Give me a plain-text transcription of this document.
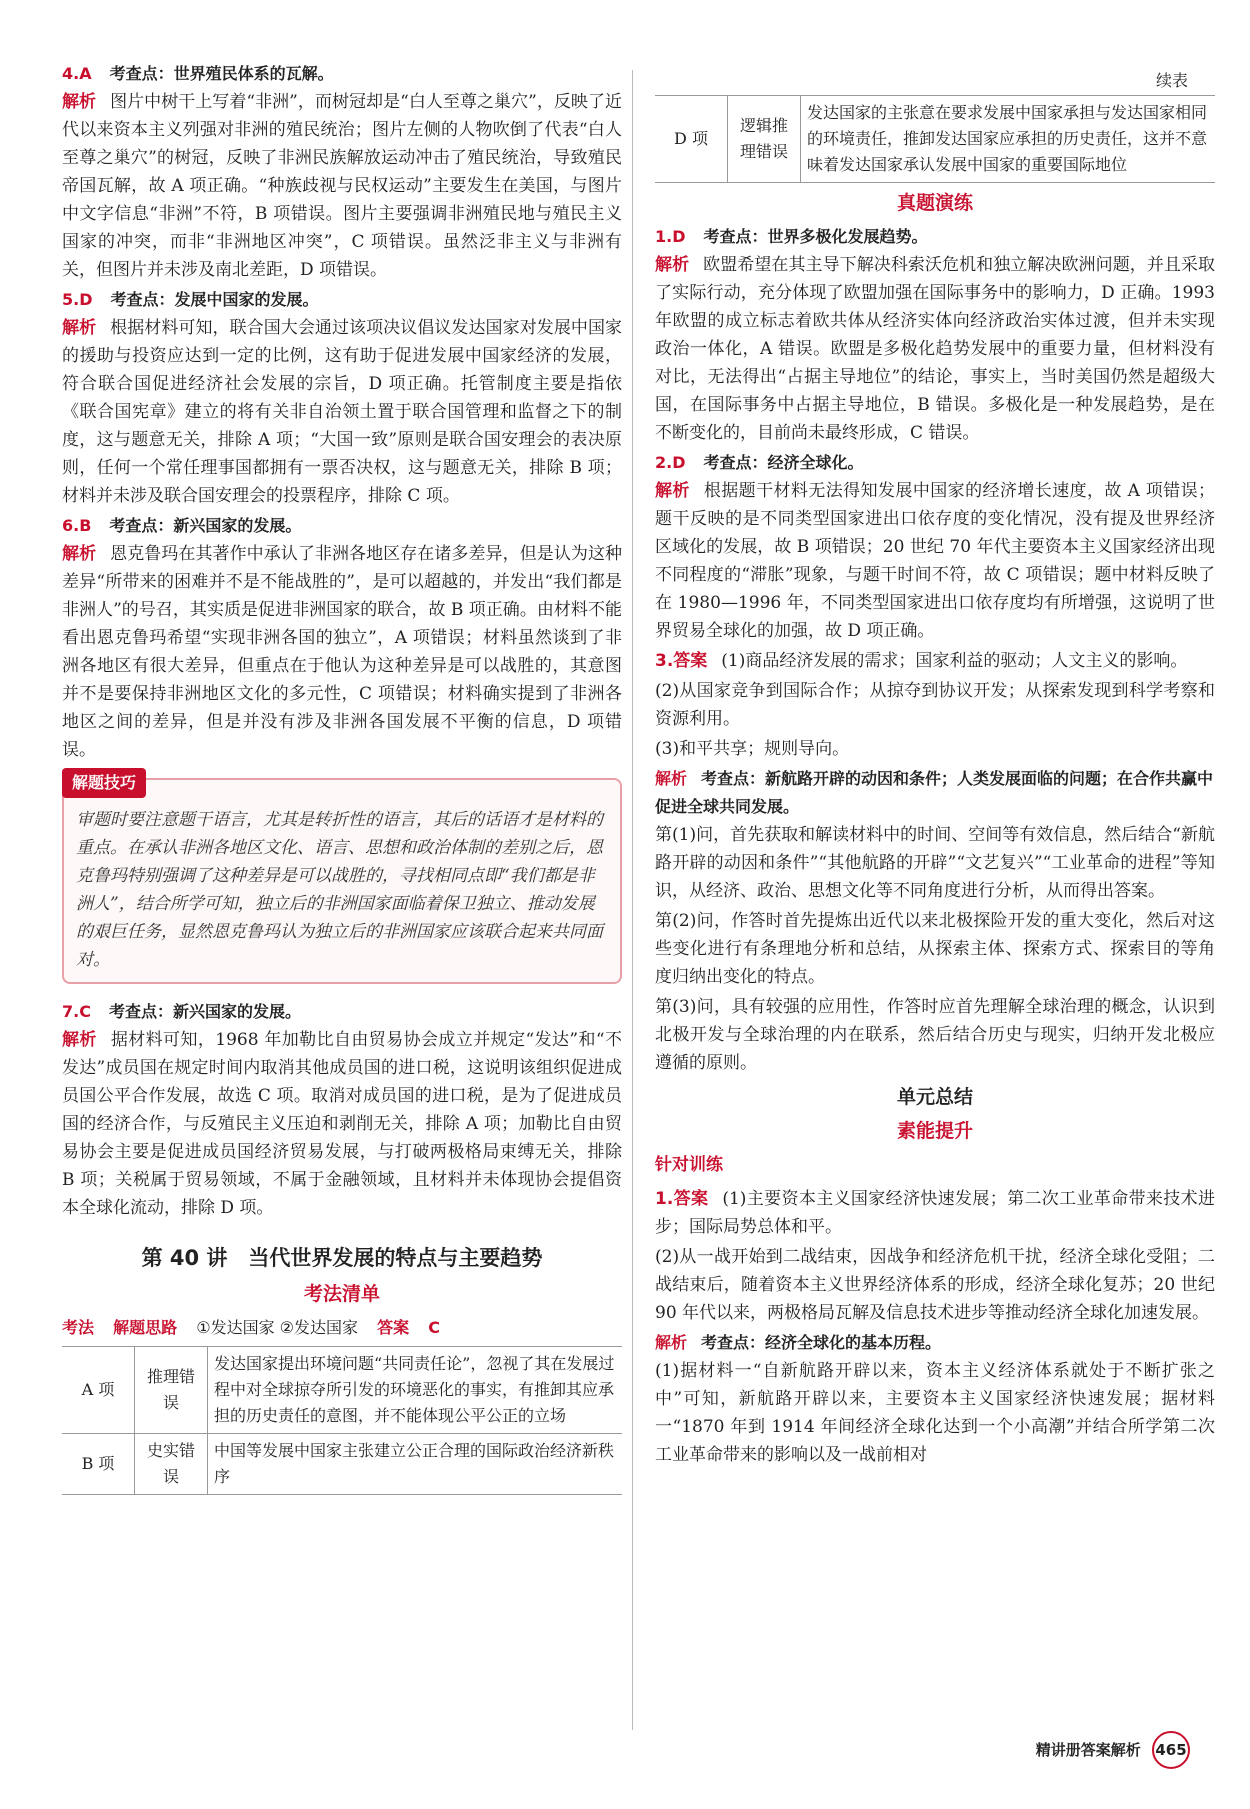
4.A 考查点：世界殖民体系的瓦解。

解析 图片中树干上写着“非洲”，而树冠却是“白人至尊之巢穴”，反映了近代以来资本主义列强对非洲的殖民统治；图片左侧的人物吹倒了代表“白人至尊之巢穴”的树冠，反映了非洲民族解放运动冲击了殖民统治，导致殖民帝国瓦解，故 A 项正确。“种族歧视与民权运动”主要发生在美国，与图片中文字信息“非洲”不符，B 项错误。图片主要强调非洲殖民地与殖民主义国家的冲突，而非“非洲地区冲突”，C 项错误。虽然泛非主义与非洲有关，但图片并未涉及南北差距，D 项错误。

5.D 考查点：发展中国家的发展。

解析 根据材料可知，联合国大会通过该项决议倡议发达国家对发展中国家的援助与投资应达到一定的比例，这有助于促进发展中国家经济的发展，符合联合国促进经济社会发展的宗旨，D 项正确。托管制度主要是指依《联合国宪章》建立的将有关非自治领土置于联合国管理和监督之下的制度，这与题意无关，排除 A 项；“大国一致”原则是联合国安理会的表决原则，任何一个常任理事国都拥有一票否决权，这与题意无关，排除 B 项；材料并未涉及联合国安理会的投票程序，排除 C 项。

6.B 考查点：新兴国家的发展。

解析 恩克鲁玛在其著作中承认了非洲各地区存在诸多差异，但是认为这种差异“所带来的困难并不是不能战胜的”，是可以超越的，并发出“我们都是非洲人”的号召，其实质是促进非洲国家的联合，故 B 项正确。由材料不能看出恩克鲁玛希望“实现非洲各国的独立”，A 项错误；材料虽然谈到了非洲各地区有很大差异，但重点在于他认为这种差异是可以战胜的，其意图并不是要保持非洲地区文化的多元性，C 项错误；材料确实提到了非洲各地区之间的差异，但是并没有涉及非洲各国发展不平衡的信息，D 项错误。

解题技巧
审题时要注意题干语言，尤其是转折性的语言，其后的话语才是材料的重点。在承认非洲各地区文化、语言、思想和政治体制的差别之后，恩克鲁玛特别强调了这种差异是可以战胜的，寻找相同点即“我们都是非洲人”，结合所学可知，独立后的非洲国家面临着保卫独立、推动发展的艰巨任务，显然恩克鲁玛认为独立后的非洲国家应该联合起来共同面对。
7.C 考查点：新兴国家的发展。

解析 据材料可知，1968 年加勒比自由贸易协会成立并规定“发达”和“不发达”成员国在规定时间内取消其他成员国的进口税，这说明该组织促进成员国公平合作发展，故选 C 项。取消对成员国的进口税，是为了促进成员国的经济合作，与反殖民主义压迫和剥削无关，排除 A 项；加勒比自由贸易协会主要是促进成员国经济贸易发展，与打破两极格局束缚无关，排除 B 项；关税属于贸易领域，不属于金融领域，且材料并未体现协会提倡资本全球化流动，排除 D 项。

第 40 讲　当代世界发展的特点与主要趋势
考法清单
考法 解题思路 ①发达国家 ②发达国家 答案 C
A 项	推理错误	发达国家提出环境问题“共同责任论”，忽视了其在发展过程中对全球掠夺所引发的环境恶化的事实，有推卸其应承担的历史责任的意图，并不能体现公平公正的立场
B 项	史实错误	中国等发展中国家主张建立公正合理的国际政治经济新秩序
续表
D 项	逻辑推理错误	发达国家的主张意在要求发展中国家承担与发达国家相同的环境责任，推卸发达国家应承担的历史责任，这并不意味着发达国家承认发展中国家的重要国际地位
真题演练
1.D 考查点：世界多极化发展趋势。

解析 欧盟希望在其主导下解决科索沃危机和独立解决欧洲问题，并且采取了实际行动，充分体现了欧盟加强在国际事务中的影响力，D 正确。1993 年欧盟的成立标志着欧共体从经济实体向经济政治实体过渡，但并未实现政治一体化，A 错误。欧盟是多极化趋势发展中的重要力量，但材料没有对比，无法得出“占据主导地位”的结论，事实上，当时美国仍然是超级大国，在国际事务中占据主导地位，B 错误。多极化是一种发展趋势，是在不断变化的，目前尚未最终形成，C 错误。

2.D 考查点：经济全球化。

解析 根据题干材料无法得知发展中国家的经济增长速度，故 A 项错误；题干反映的是不同类型国家进出口依存度的变化情况，没有提及世界经济区域化的发展，故 B 项错误；20 世纪 70 年代主要资本主义国家经济出现不同程度的“滞胀”现象，与题干时间不符，故 C 项错误；题中材料反映了在 1980—1996 年，不同类型国家进出口依存度均有所增强，这说明了世界贸易全球化的加强，故 D 项正确。

3.答案 (1)商品经济发展的需求；国家利益的驱动；人文主义的影响。

(2)从国家竞争到国际合作；从掠夺到协议开发；从探索发现到科学考察和资源利用。

(3)和平共享；规则导向。

解析 考查点：新航路开辟的动因和条件；人类发展面临的问题；在合作共赢中促进全球共同发展。

第(1)问，首先获取和解读材料中的时间、空间等有效信息，然后结合“新航路开辟的动因和条件”“其他航路的开辟”“文艺复兴”“工业革命的进程”等知识，从经济、政治、思想文化等不同角度进行分析，从而得出答案。

第(2)问，作答时首先提炼出近代以来北极探险开发的重大变化，然后对这些变化进行有条理地分析和总结，从探索主体、探索方式、探索目的等角度归纳出变化的特点。

第(3)问，具有较强的应用性，作答时应首先理解全球治理的概念，认识到北极开发与全球治理的内在联系，然后结合历史与现实，归纳开发北极应遵循的原则。

单元总结
素能提升
针对训练

1.答案 (1)主要资本主义国家经济快速发展；第二次工业革命带来技术进步；国际局势总体和平。

(2)从一战开始到二战结束，因战争和经济危机干扰，经济全球化受阻；二战结束后，随着资本主义世界经济体系的形成，经济全球化复苏；20 世纪 90 年代以来，两极格局瓦解及信息技术进步等推动经济全球化加速发展。

解析 考查点：经济全球化的基本历程。

(1)据材料一“自新航路开辟以来，资本主义经济体系就处于不断扩张之中”可知，新航路开辟以来，主要资本主义国家经济快速发展；据材料一“1870 年到 1914 年间经济全球化达到一个小高潮”并结合所学第二次工业革命带来的影响以及一战前相对

精讲册答案解析 465
